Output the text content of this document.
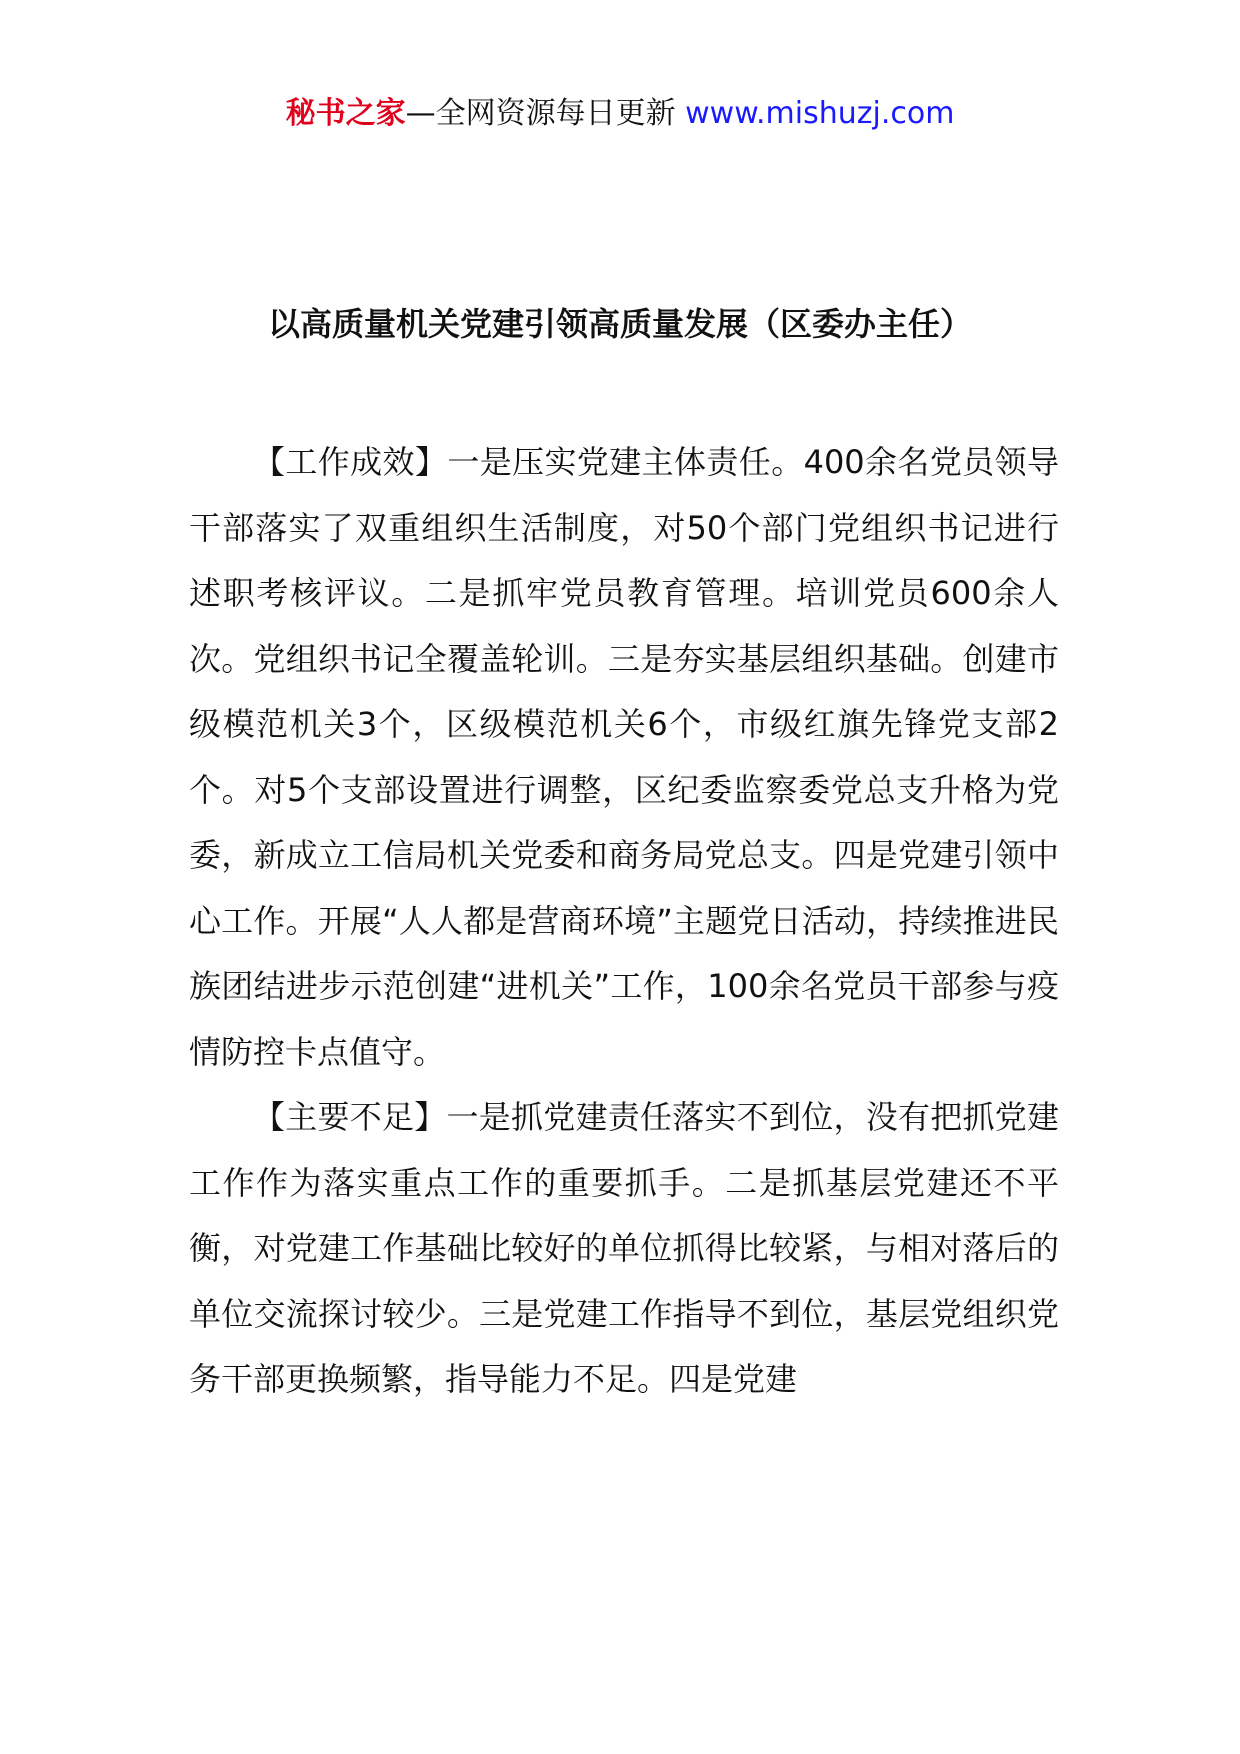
秘书之家—全网资源每日更新 www.mishuzj.com
以高质量机关党建引领高质量发展（区委办主任）

【工作成效】一是压实党建主体责任。400余名党员领导干部落实了双重组织生活制度，对50个部门党组织书记进行述职考核评议。二是抓牢党员教育管理。培训党员600余人次。党组织书记全覆盖轮训。三是夯实基层组织基础。创建市级模范机关3个，区级模范机关6个，市级红旗先锋党支部2个。对5个支部设置进行调整，区纪委监察委党总支升格为党委，新成立工信局机关党委和商务局党总支。四是党建引领中心工作。开展“人人都是营商环境”主题党日活动，持续推进民族团结进步示范创建“进机关”工作，100余名党员干部参与疫情防控卡点值守。

【主要不足】一是抓党建责任落实不到位，没有把抓党建工作作为落实重点工作的重要抓手。二是抓基层党建还不平衡，对党建工作基础比较好的单位抓得比较紧，与相对落后的单位交流探讨较少。三是党建工作指导不到位，基层党组织党务干部更换频繁，指导能力不足。四是党建
